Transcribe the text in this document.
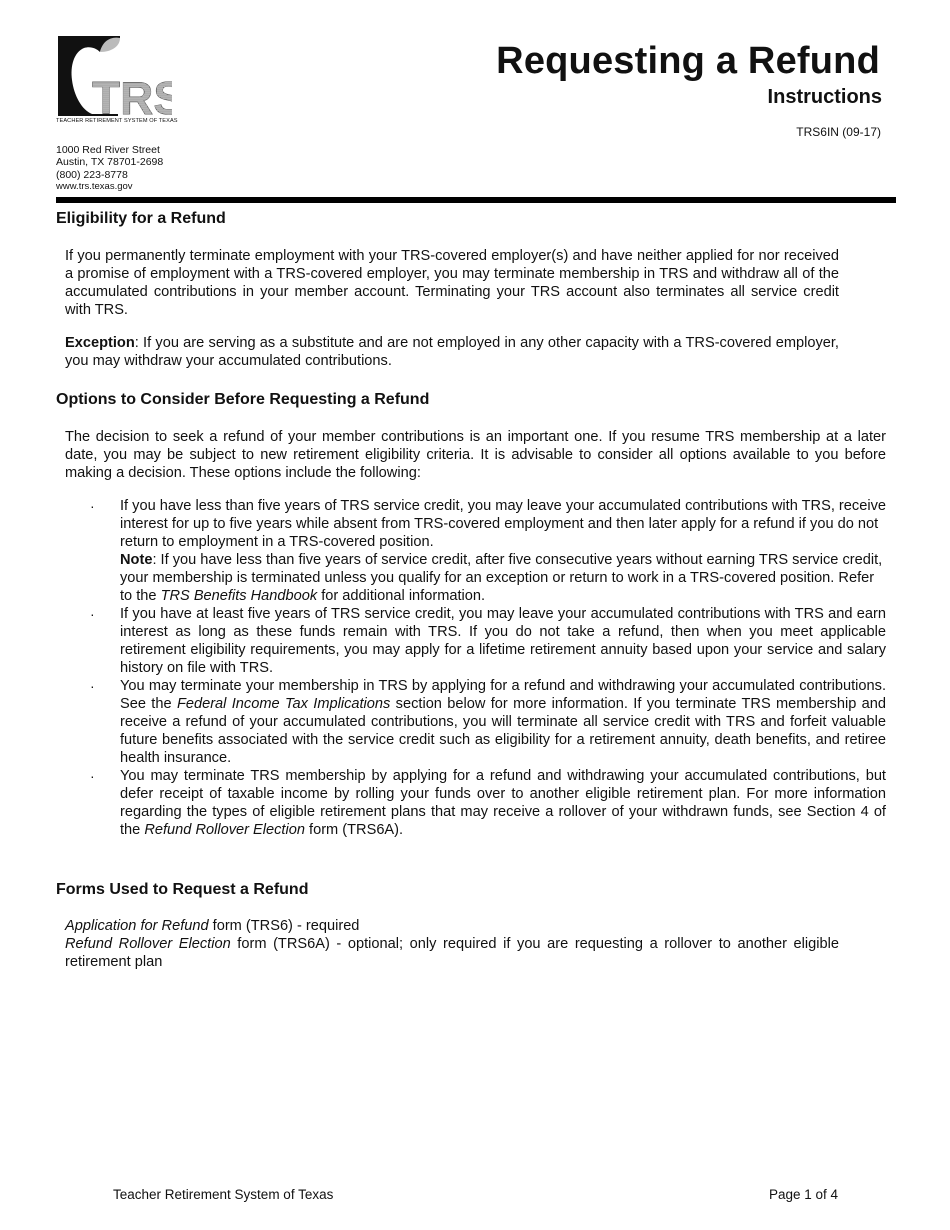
TRS
TEACHER RETIREMENT SYSTEM OF TEXAS
1000 Red River Street
Austin, TX 78701-2698
(800) 223-8778
www.trs.texas.gov
Requesting a Refund
Instructions
TRS6IN (09-17)
Eligibility for a Refund

If you permanently terminate employment with your TRS-covered employer(s) and have neither applied for nor received a promise of employment with a TRS-covered employer, you may terminate membership in TRS and withdraw all of the accumulated contributions in your member account. Terminating your TRS account also terminates all service credit with TRS.

Exception: If you are serving as a substitute and are not employed in any other capacity with a TRS-covered employer, you may withdraw your accumulated contributions.

Options to Consider Before Requesting a Refund

The decision to seek a refund of your member contributions is an important one. If you resume TRS membership at a later date, you may be subject to new retirement eligibility criteria. It is advisable to consider all options available to you before making a decision. These options include the following:

· If you have less than five years of TRS service credit, you may leave your accumulated contributions with TRS, receive interest for up to five years while absent from TRS-covered employment and then later apply for a refund if you do not return to employment in a TRS-covered position.
Note: If you have less than five years of service credit, after five consecutive years without earning TRS service credit, your membership is terminated unless you qualify for an exception or return to work in a TRS-covered position. Refer to the TRS Benefits Handbook for additional information.
· If you have at least five years of TRS service credit, you may leave your accumulated contributions with TRS and earn interest as long as these funds remain with TRS. If you do not take a refund, then when you meet applicable retirement eligibility requirements, you may apply for a lifetime retirement annuity based upon your service and salary history on file with TRS.
· You may terminate your membership in TRS by applying for a refund and withdrawing your accumulated contributions. See the Federal Income Tax Implications section below for more information. If you terminate TRS membership and receive a refund of your accumulated contributions, you will terminate all service credit with TRS and forfeit valuable future benefits associated with the service credit such as eligibility for a retirement annuity, death benefits, and retiree health insurance.
· You may terminate TRS membership by applying for a refund and withdrawing your accumulated contributions, but defer receipt of taxable income by rolling your funds over to another eligible retirement plan. For more information regarding the types of eligible retirement plans that may receive a rollover of your withdrawn funds, see Section 4 of the Refund Rollover Election form (TRS6A).
Forms Used to Request a Refund

Application for Refund form (TRS6) - required

Refund Rollover Election form (TRS6A) - optional; only required if you are requesting a rollover to another eligible retirement plan

Teacher Retirement System of Texas	Page 1 of 4
